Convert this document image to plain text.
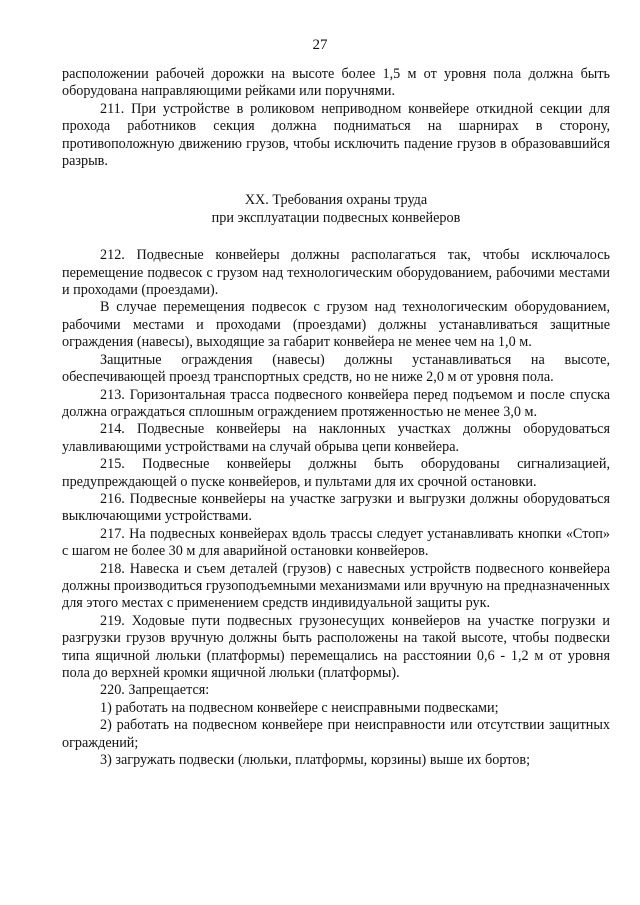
27

расположении рабочей дорожки на высоте более 1,5 м от уровня пола должна быть оборудована направляющими рейками или поручнями.

211. При устройстве в роликовом неприводном конвейере откидной секции для прохода работников секция должна подниматься на шарнирах в сторону, противоположную движению грузов, чтобы исключить падение грузов в образовавшийся разрыв.

XX. Требования охраны труда
при эксплуатации подвесных конвейеров

212. Подвесные конвейеры должны располагаться так, чтобы исключалось перемещение подвесок с грузом над технологическим оборудованием, рабочими местами и проходами (проездами).

В случае перемещения подвесок с грузом над технологическим оборудованием, рабочими местами и проходами (проездами) должны устанавливаться защитные ограждения (навесы), выходящие за габарит конвейера не менее чем на 1,0 м.

Защитные ограждения (навесы) должны устанавливаться на высоте, обеспечивающей проезд транспортных средств, но не ниже 2,0 м от уровня пола.

213. Горизонтальная трасса подвесного конвейера перед подъемом и после спуска должна ограждаться сплошным ограждением протяженностью не менее 3,0 м.

214. Подвесные конвейеры на наклонных участках должны оборудоваться улавливающими устройствами на случай обрыва цепи конвейера.

215. Подвесные конвейеры должны быть оборудованы сигнализацией, предупреждающей о пуске конвейеров, и пультами для их срочной остановки.

216. Подвесные конвейеры на участке загрузки и выгрузки должны оборудоваться выключающими устройствами.

217. На подвесных конвейерах вдоль трассы следует устанавливать кнопки «Стоп» с шагом не более 30 м для аварийной остановки конвейеров.

218. Навеска и съем деталей (грузов) с навесных устройств подвесного конвейера должны производиться грузоподъемными механизмами или вручную на предназначенных для этого местах с применением средств индивидуальной защиты рук.

219. Ходовые пути подвесных грузонесущих конвейеров на участке погрузки и разгрузки грузов вручную должны быть расположены на такой высоте, чтобы подвески типа ящичной люльки (платформы) перемещались на расстоянии 0,6 - 1,2 м от уровня пола до верхней кромки ящичной люльки (платформы).

220. Запрещается:

1) работать на подвесном конвейере с неисправными подвесками;

2) работать на подвесном конвейере при неисправности или отсутствии защитных ограждений;

3) загружать подвески (люльки, платформы, корзины) выше их бортов;
